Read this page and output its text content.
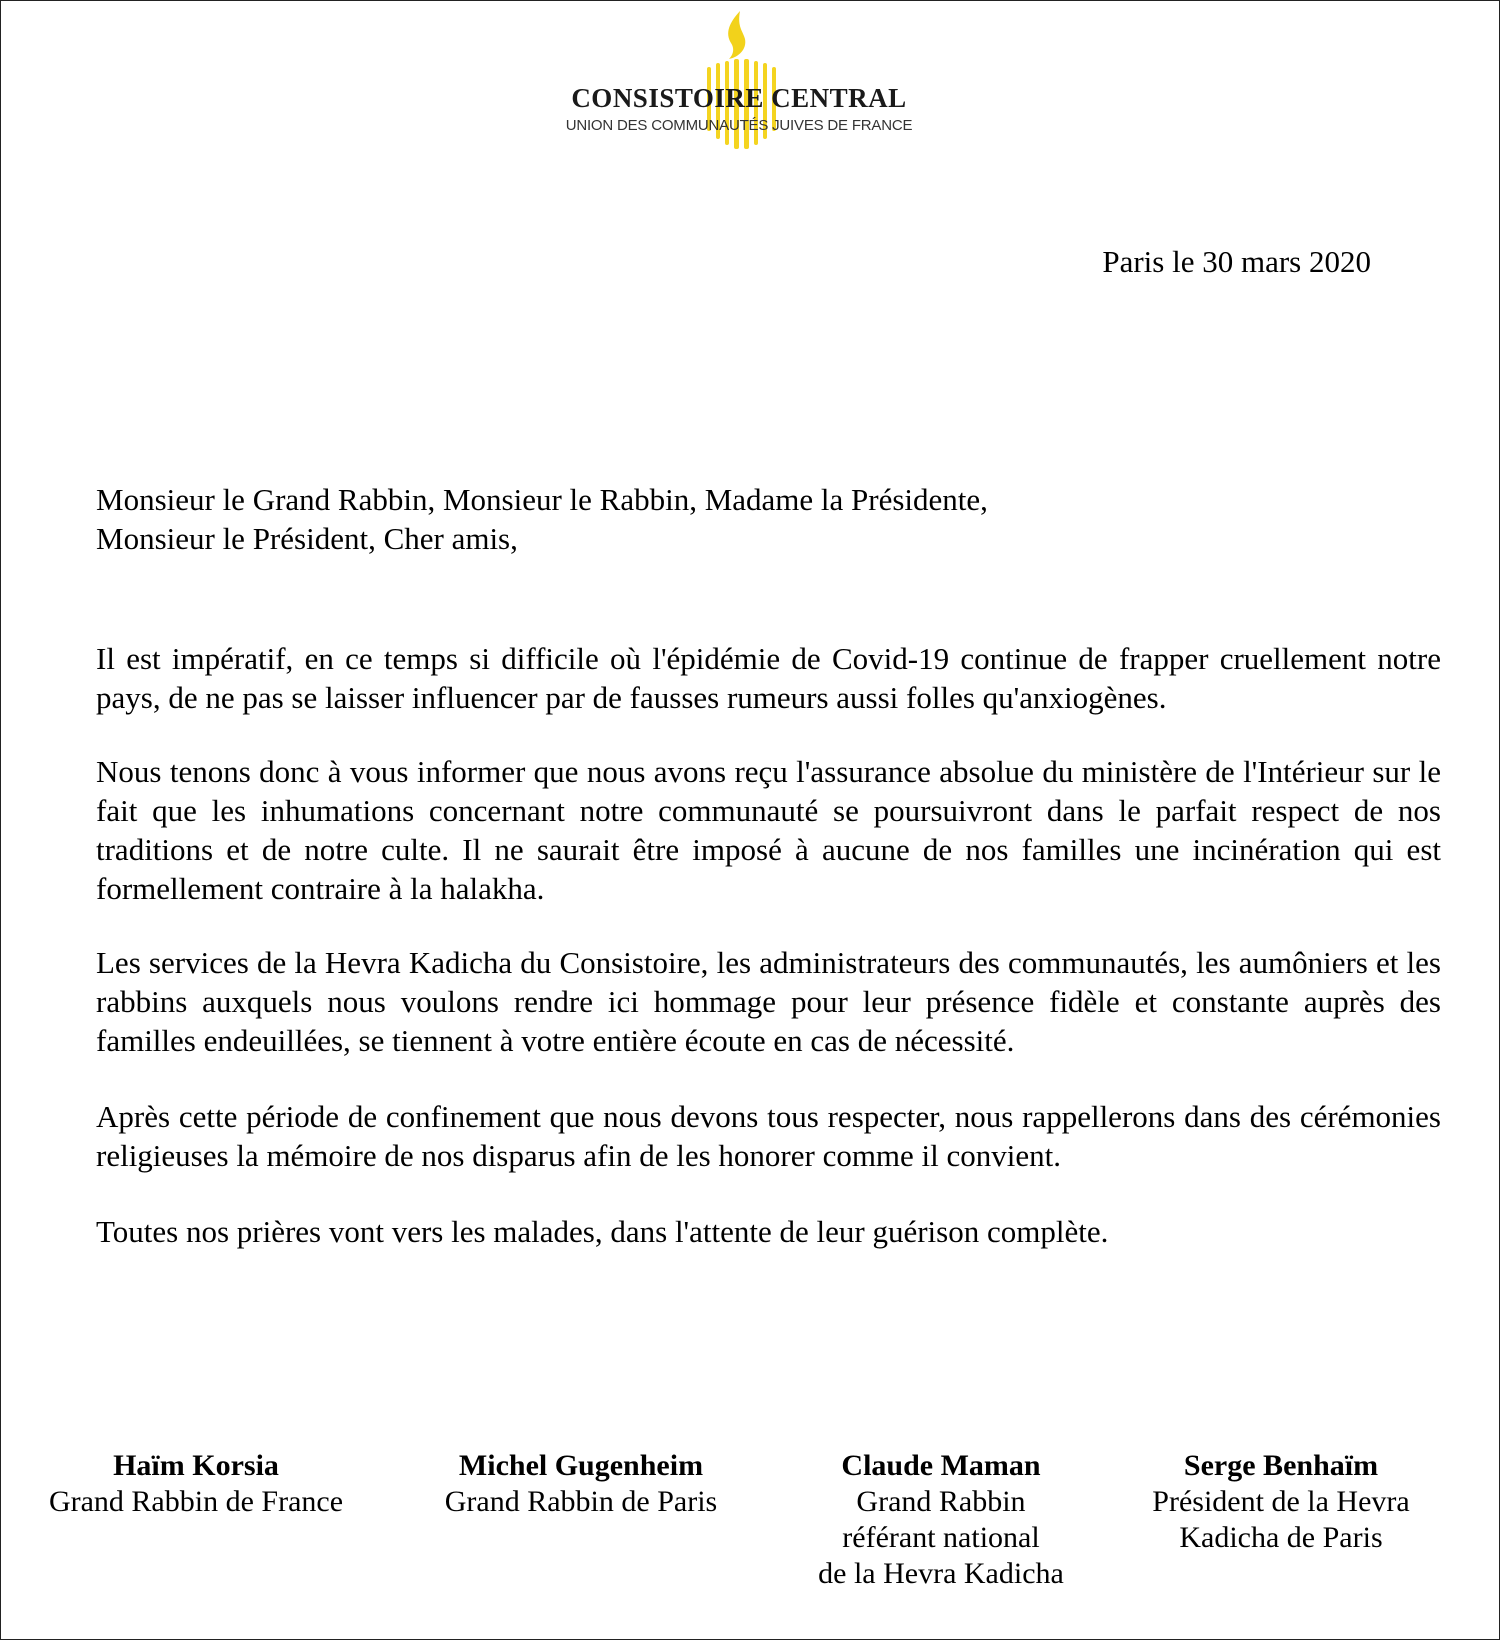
CONSISTOIRE CENTRAL
UNION DES COMMUNAUTÉS JUIVES DE FRANCE
Paris le 30 mars 2020

Monsieur le Grand Rabbin, Monsieur le Rabbin, Madame la Présidente,

Monsieur le Président, Cher amis,

Il est impératif, en ce temps si difficile où l'épidémie de Covid-19 continue de frapper cruellement notre pays, de ne pas se laisser influencer par de fausses rumeurs aussi folles qu'anxiogènes.

Nous tenons donc à vous informer que nous avons reçu l'assurance absolue du ministère de l'Intérieur sur le fait que les inhumations concernant notre communauté se poursuivront dans le parfait respect de nos traditions et de notre culte. Il ne saurait être imposé à aucune de nos familles une incinération qui est formellement contraire à la halakha.

Les services de la Hevra Kadicha du Consistoire, les administrateurs des communautés, les aumôniers et les rabbins auxquels nous voulons rendre ici hommage pour leur présence fidèle et constante auprès des familles endeuillées, se tiennent à votre entière écoute en cas de nécessité.

Après cette période de confinement que nous devons tous respecter, nous rappellerons dans des cérémonies religieuses la mémoire de nos disparus afin de les honorer comme il convient.

Toutes nos prières vont vers les malades, dans l'attente de leur guérison complète.

Haïm Korsia
Grand Rabbin de France
Michel Gugenheim
Grand Rabbin de Paris
Claude Maman
Grand Rabbin
référant national
de la Hevra Kadicha
Serge Benhaïm
Président de la Hevra
Kadicha de Paris
